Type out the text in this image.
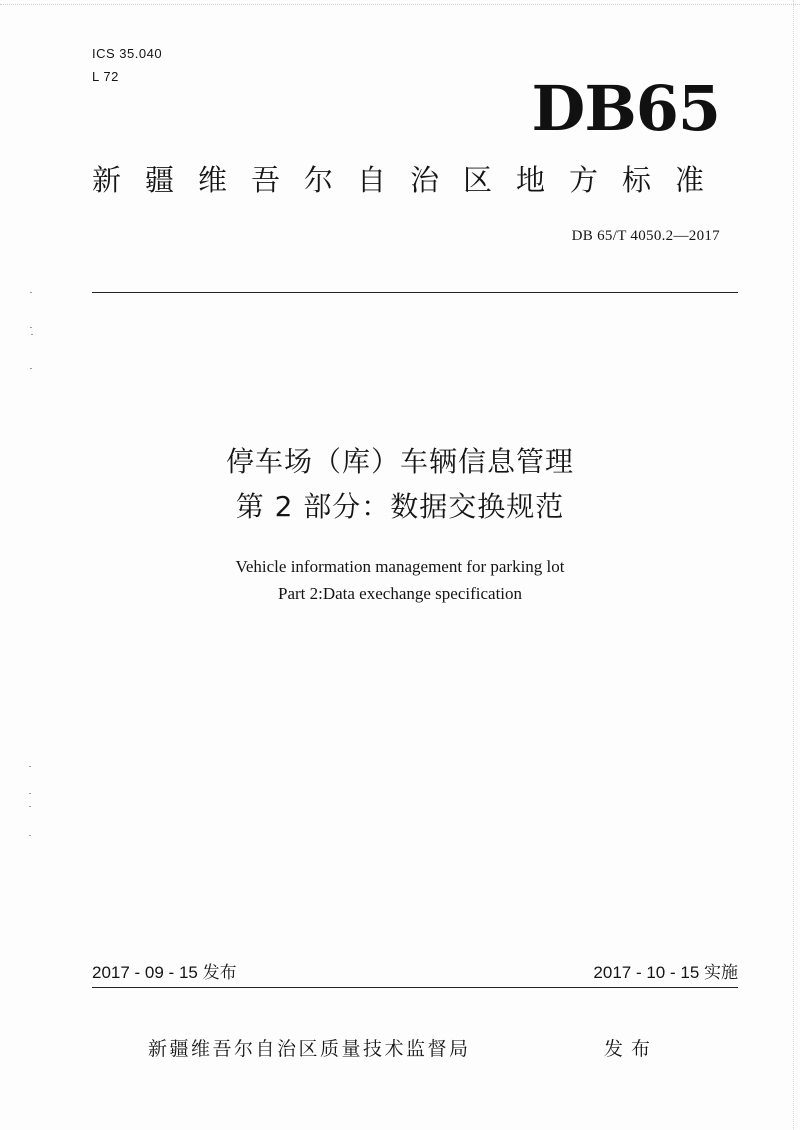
ICS 35.040
L 72	DB65
新疆维吾尔自治区地方标准
DB 65/T 4050.2—2017
停车场（库）车辆信息管理
第 2 部分：数据交换规范
Vehicle information management for parking lot
Part 2:Data exechange specification
2017 - 09 - 15 发布	2017 - 10 - 15 实施
新疆维吾尔自治区质量技术监督局	发布
